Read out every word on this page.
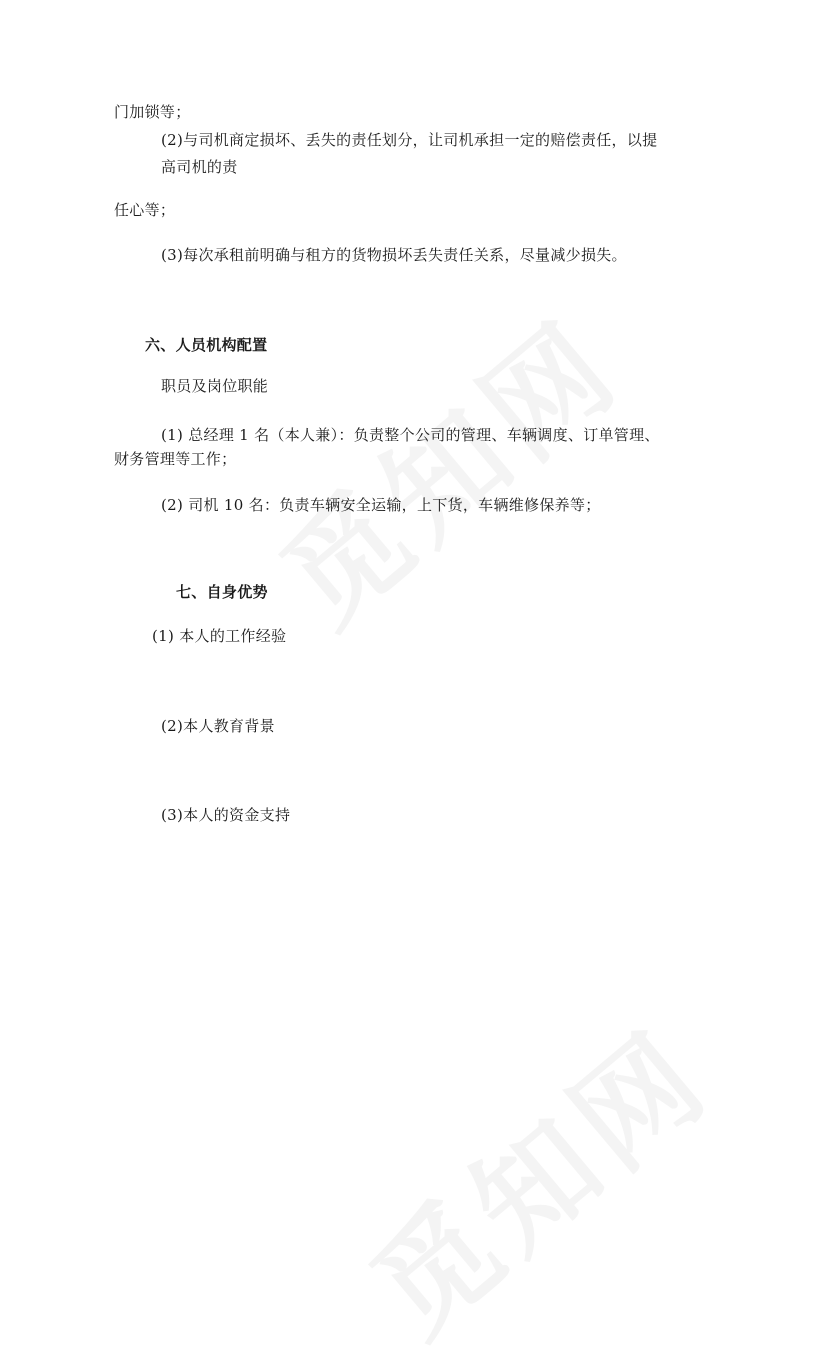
门加锁等；
(2)与司机商定损坏、丢失的责任划分，让司机承担一定的赔偿责任，以提
高司机的责
任心等；
(3)每次承租前明确与租方的货物损坏丢失责任关系，尽量减少损失。
六、人员机构配置
职员及岗位职能
(1) 总经理 1 名（本人兼）：负责整个公司的管理、车辆调度、订单管理、
财务管理等工作；
(2) 司机 10 名：负责车辆安全运输，上下货，车辆维修保养等；
七、自身优势
(1) 本人的工作经验
(2)本人教育背景
(3)本人的资金支持
